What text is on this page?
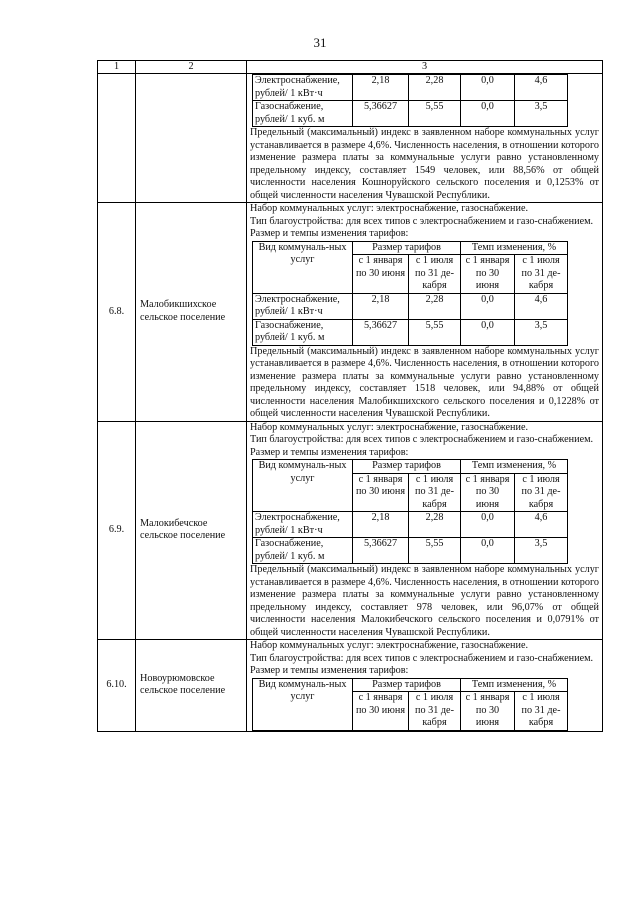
31
1	2	3

Электроснабжение, рублей/ 1 кВт·ч	2,18	2,28	0,0	4,6
Газоснабжение, рублей/ 1 куб. м	5,36627	5,55	0,0	3,5
Предельный (максимальный) индекс в заявленном наборе коммунальных услуг устанавливается в размере 4,6%. Численность населения, в отношении которого изменение размера платы за коммунальные услуги равно установленному предельному индексу, составляет 1549 человек, или 88,56% от общей численности населения Кошноруйского сельского поселения и 0,1253% от общей численности населения Чувашской Республики.

6.8.	Малобикшихское сельское поселение	
Набор коммунальных услуг: электроснабжение, газоснабжение.
Тип благоустройства: для всех типов с электроснабжением и газо-снабжением.
Размер и темпы изменения тарифов:
Вид коммуналь-ных услуг	Размер тарифов	Темп изменения, %
с 1 января по 30 июня	с 1 июля по 31 де-кабря	с 1 января по 30 июня	с 1 июля по 31 де-кабря
Электроснабжение, рублей/ 1 кВт·ч	2,18	2,28	0,0	4,6
Газоснабжение, рублей/ 1 куб. м	5,36627	5,55	0,0	3,5
Предельный (максимальный) индекс в заявленном наборе коммунальных услуг устанавливается в размере 4,6%. Численность населения, в отношении которого изменение размера платы за коммунальные услуги равно установленному предельному индексу, составляет 1518 человек, или 94,88% от общей численности населения Малобикшихского сельского поселения и 0,1228% от общей численности населения Чувашской Республики.

6.9.	Малокибечское сельское поселение	
Набор коммунальных услуг: электроснабжение, газоснабжение.
Тип благоустройства: для всех типов с электроснабжением и газо-снабжением.
Размер и темпы изменения тарифов:
Вид коммуналь-ных услуг	Размер тарифов	Темп изменения, %
с 1 января по 30 июня	с 1 июля по 31 де-кабря	с 1 января по 30 июня	с 1 июля по 31 де-кабря
Электроснабжение, рублей/ 1 кВт·ч	2,18	2,28	0,0	4,6
Газоснабжение, рублей/ 1 куб. м	5,36627	5,55	0,0	3,5
Предельный (максимальный) индекс в заявленном наборе коммунальных услуг устанавливается в размере 4,6%. Численность населения, в отношении которого изменение размера платы за коммунальные услуги равно установленному предельному индексу, составляет 978 человек, или 96,07% от общей численности населения Малокибечского сельского поселения и 0,0791% от общей численности населения Чувашской Республики.

6.10.	Новоурюмовское сельское поселение	
Набор коммунальных услуг: электроснабжение, газоснабжение.
Тип благоустройства: для всех типов с электроснабжением и газо-снабжением.
Размер и темпы изменения тарифов:
Вид коммуналь-ных услуг	Размер тарифов	Темп изменения, %
с 1 января по 30 июня	с 1 июля по 31 де-кабря	с 1 января по 30 июня	с 1 июля по 31 де-кабря
